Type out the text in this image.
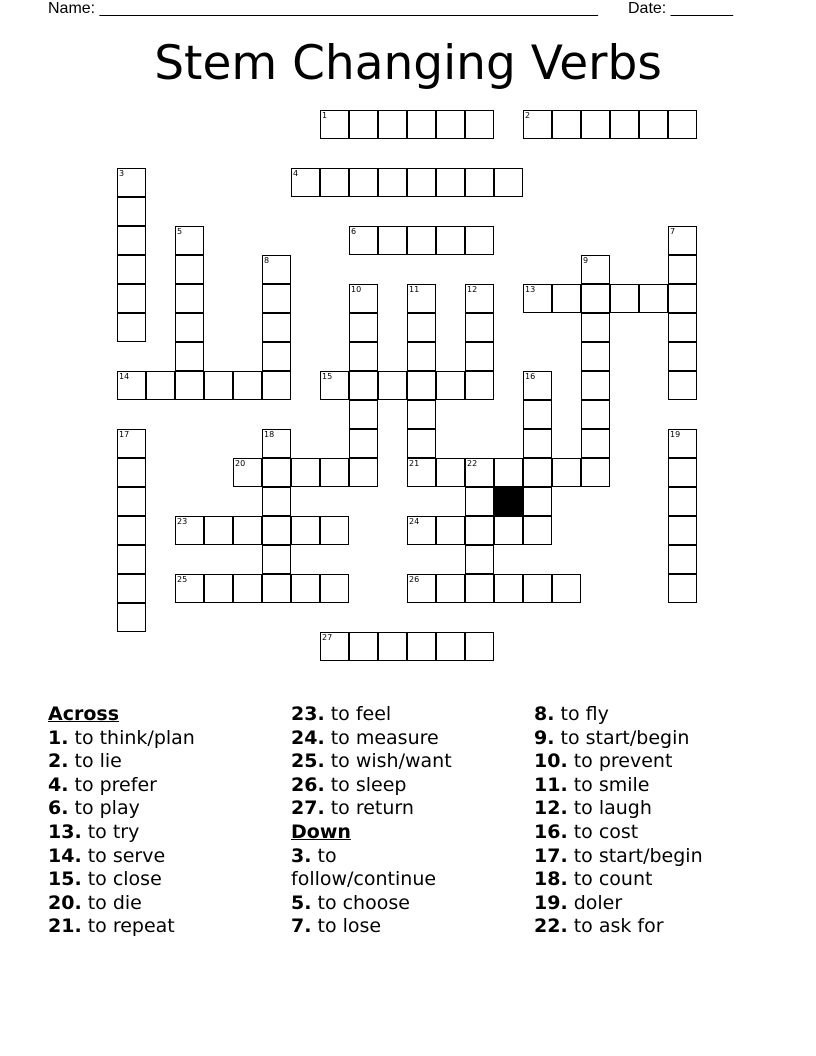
Name: ________________________________________________________ Date: _______
Stem Changing Verbs
1	2
3	4
5	6	7
8	9
10	11
21
12	13
14	15	16
17	18	19
20	22
23	24
25	26
27
Across
1. to think/plan
2. to lie
4. to prefer
6. to play
13. to try
14. to serve
15. to close
20. to die
21. to repeat
23. to feel
24. to measure
25. to wish/want
26. to sleep
27. to return
Down
3. to follow/continue
5. to choose
7. to lose
8. to fly
9. to start/begin
10. to prevent
11. to smile
12. to laugh
16. to cost
17. to start/begin
18. to count
19. doler
22. to ask for
